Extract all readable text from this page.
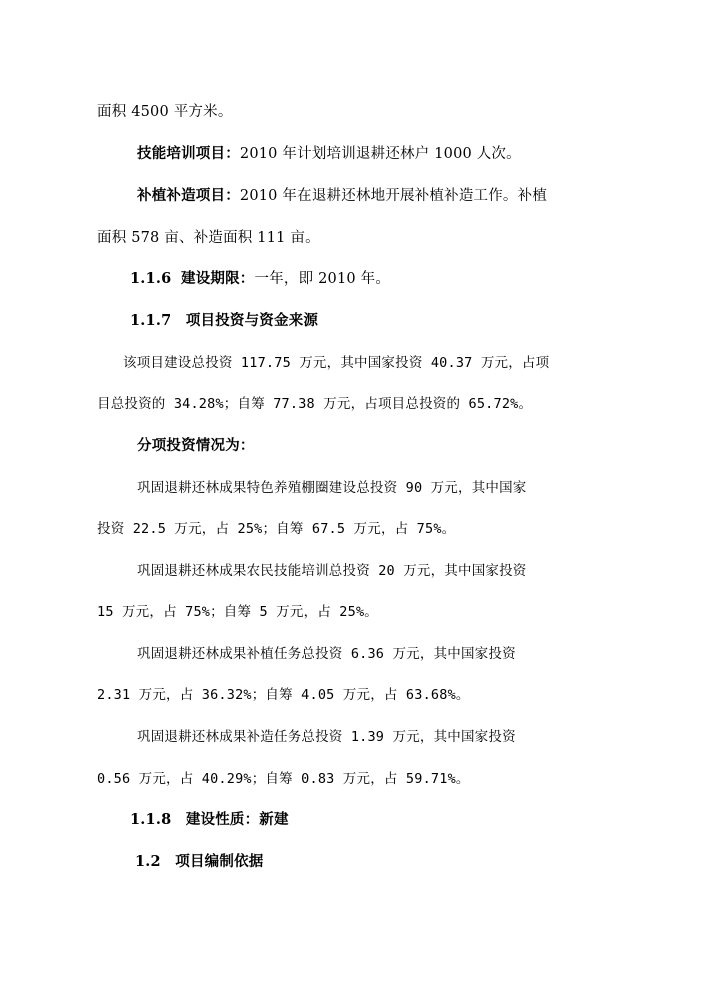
面积 4500 平方米。
技能培训项目：2010 年计划培训退耕还林户 1000 人次。
补植补造项目：2010 年在退耕还林地开展补植补造工作。补植
面积 578 亩、补造面积 111 亩。
1.1.6 建设期限：一年，即 2010 年。
1.1.7 项目投资与资金来源
该项目建设总投资 117.75 万元，其中国家投资 40.37 万元，占项
目总投资的 34.28%；自筹 77.38 万元，占项目总投资的 65.72%。
分项投资情况为：
巩固退耕还林成果特色养殖棚圈建设总投资 90 万元，其中国家
投资 22.5 万元，占 25%；自筹 67.5 万元，占 75%。
巩固退耕还林成果农民技能培训总投资 20 万元，其中国家投资
15 万元，占 75%；自筹 5 万元，占 25%。
巩固退耕还林成果补植任务总投资 6.36 万元，其中国家投资
2.31 万元，占 36.32%；自筹 4.05 万元，占 63.68%。
巩固退耕还林成果补造任务总投资 1.39 万元，其中国家投资
0.56 万元，占 40.29%；自筹 0.83 万元，占 59.71%。
1.1.8 建设性质：新建
1.2 项目编制依据
